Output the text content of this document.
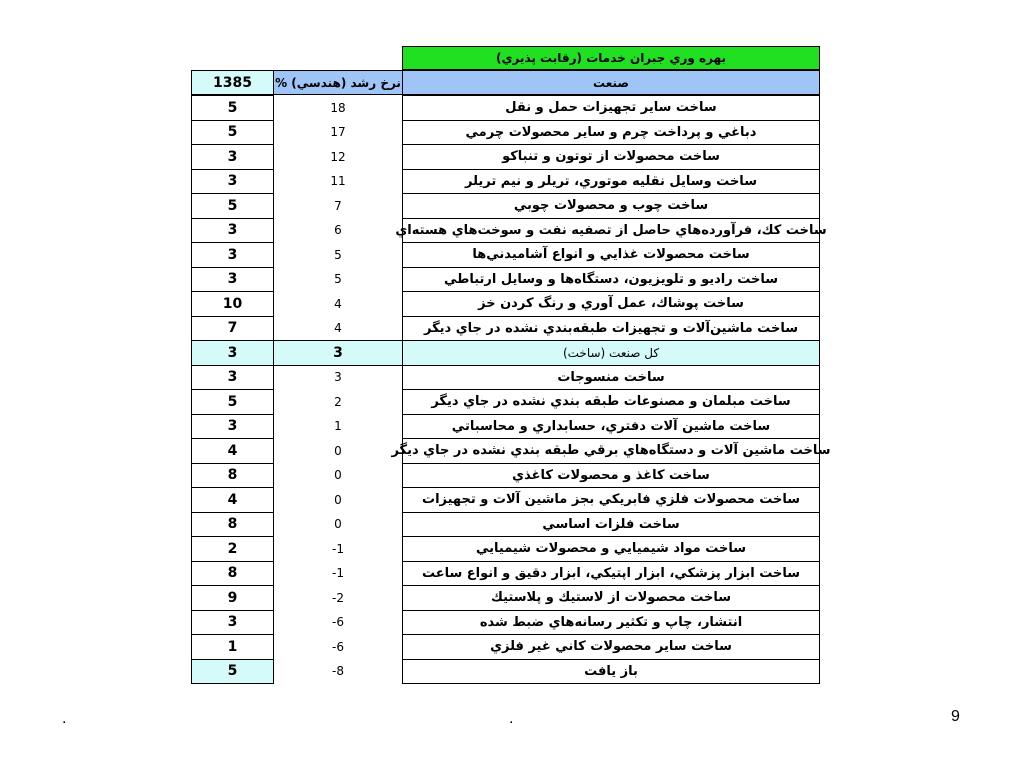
بهره وري جبران خدمات (رقابت پذيري)
1385	نرخ رشد (هندسي) %	صنعت
5	18	ساخت ساير تجهيزات حمل و نقل
5	17	دباغي و پرداخت چرم و ساير محصولات چرمي
3	12	ساخت محصولات از توتون و تنباكو
3	11	ساخت وسايل نقليه موتوري، تريلر و نيم تريلر
5	7	ساخت چوب و محصولات چوبي
3	6	ساخت كك، فرآورده‌هاي حاصل از تصفيه نفت و سوخت‌هاي هسته‌اي
3	5	ساخت محصولات غذايي و انواع آشاميدني‌ها
3	5	ساخت راديو و تلويزيون، دستگاه‌ها و وسايل ارتباطي
10	4	ساخت پوشاك، عمل آوري و رنگ كردن خز
7	4	ساخت ماشين‌آلات و تجهيزات طبقه‌بندي نشده در جاي ديگر
3	3	كل صنعت (ساخت)
3	3	ساخت منسوجات
5	2	ساخت مبلمان و مصنوعات طبقه بندي نشده در جاي ديگر
3	1	ساخت ماشين آلات دفتري، حسابداري و محاسباتي
4	0	ساخت ماشين آلات و دستگاه‌هاي برقي طبقه بندي نشده در جاي ديگر
8	0	ساخت كاغذ و محصولات كاغذي
4	0	ساخت محصولات فلزي فابريكي بجز ماشين آلات و تجهيزات
8	0	ساخت فلزات اساسي
2	-1	ساخت مواد شيميايي و محصولات شيميايي
8	-1	ساخت ابزار پزشكي، ابزار اپتيكي، ابزار دقيق و انواع ساعت
9	-2	ساخت محصولات از لاستيك و پلاستيك
3	-6	انتشار، چاپ و تكثير رسانه‌هاي ضبط شده
1	-6	ساخت ساير محصولات كاني غير فلزي
5	-8	باز يافت
.	.	9
